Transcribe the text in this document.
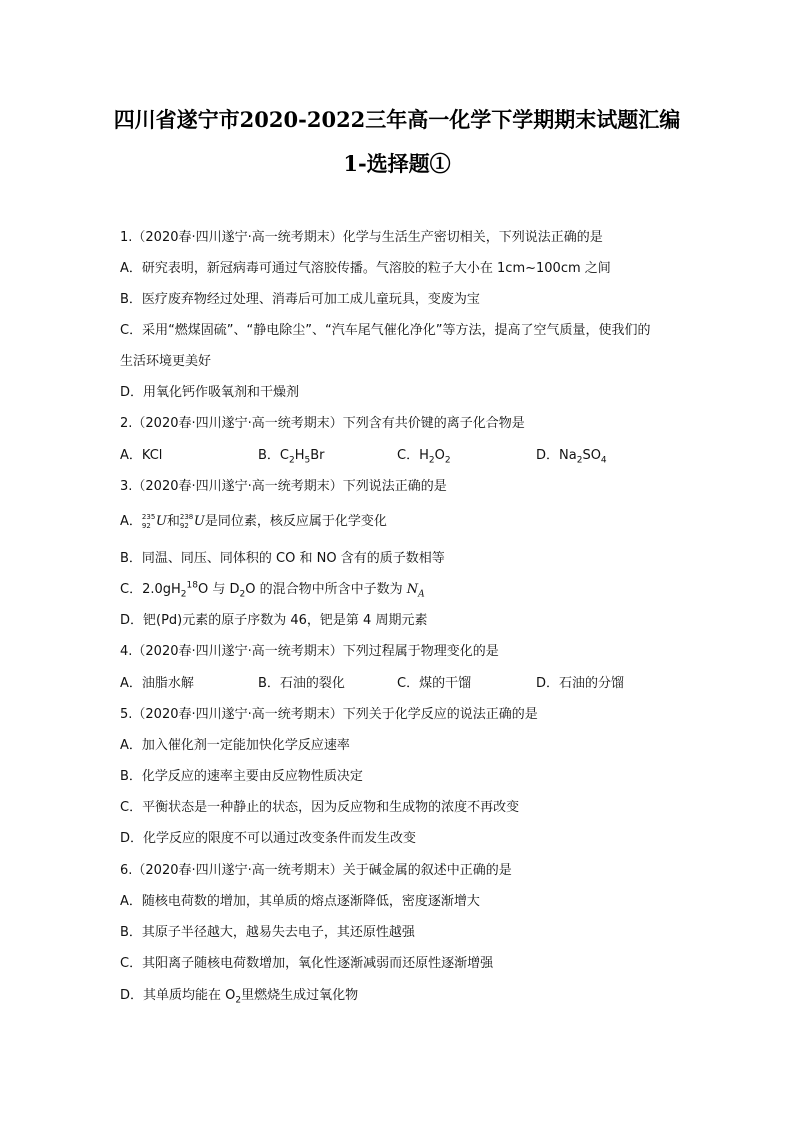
四川省遂宁市2020-2022三年高一化学下学期期末试题汇编
1-选择题①
1.（2020春·四川遂宁·高一统考期末）化学与生活生产密切相关，下列说法正确的是
A．研究表明，新冠病毒可通过气溶胶传播。气溶胶的粒子大小在 1cm~100cm 之间
B．医疗废弃物经过处理、消毒后可加工成儿童玩具，变废为宝
C．采用“燃煤固硫”、“静电除尘”、“汽车尾气催化净化”等方法，提高了空气质量，使我们的
生活环境更美好
D．用氧化钙作吸氧剂和干燥剂
2.（2020春·四川遂宁·高一统考期末）下列含有共价键的离子化合物是
A．KCl	B．$C_2H_5Br$	C．$H_2O_2$	D．$Na_2SO_4$
3.（2020春·四川遂宁·高一统考期末）下列说法正确的是
A． 235
92 U和 238
92 U是同位素，核反应属于化学变化
B．同温、同压、同体积的 CO 和 NO 含有的质子数相等
C．$2.0gH_2^{18}O$ 与 $D_2O$ 的混合物中所含中子数为 $N_A$
D．钯(Pd)元素的原子序数为 46，钯是第 4 周期元素
4.（2020春·四川遂宁·高一统考期末）下列过程属于物理变化的是
A．油脂水解	B．石油的裂化	C．煤的干馏	D．石油的分馏
5.（2020春·四川遂宁·高一统考期末）下列关于化学反应的说法正确的是
A．加入催化剂一定能加快化学反应速率
B．化学反应的速率主要由反应物性质决定
C．平衡状态是一种静止的状态，因为反应物和生成物的浓度不再改变
D．化学反应的限度不可以通过改变条件而发生改变
6.（2020春·四川遂宁·高一统考期末）关于碱金属的叙述中正确的是
A．随核电荷数的增加，其单质的熔点逐渐降低，密度逐渐增大
B．其原子半径越大，越易失去电子，其还原性越强
C．其阳离子随核电荷数增加，氧化性逐渐减弱而还原性逐渐增强
D．其单质均能在 $O_2$里燃烧生成过氧化物
